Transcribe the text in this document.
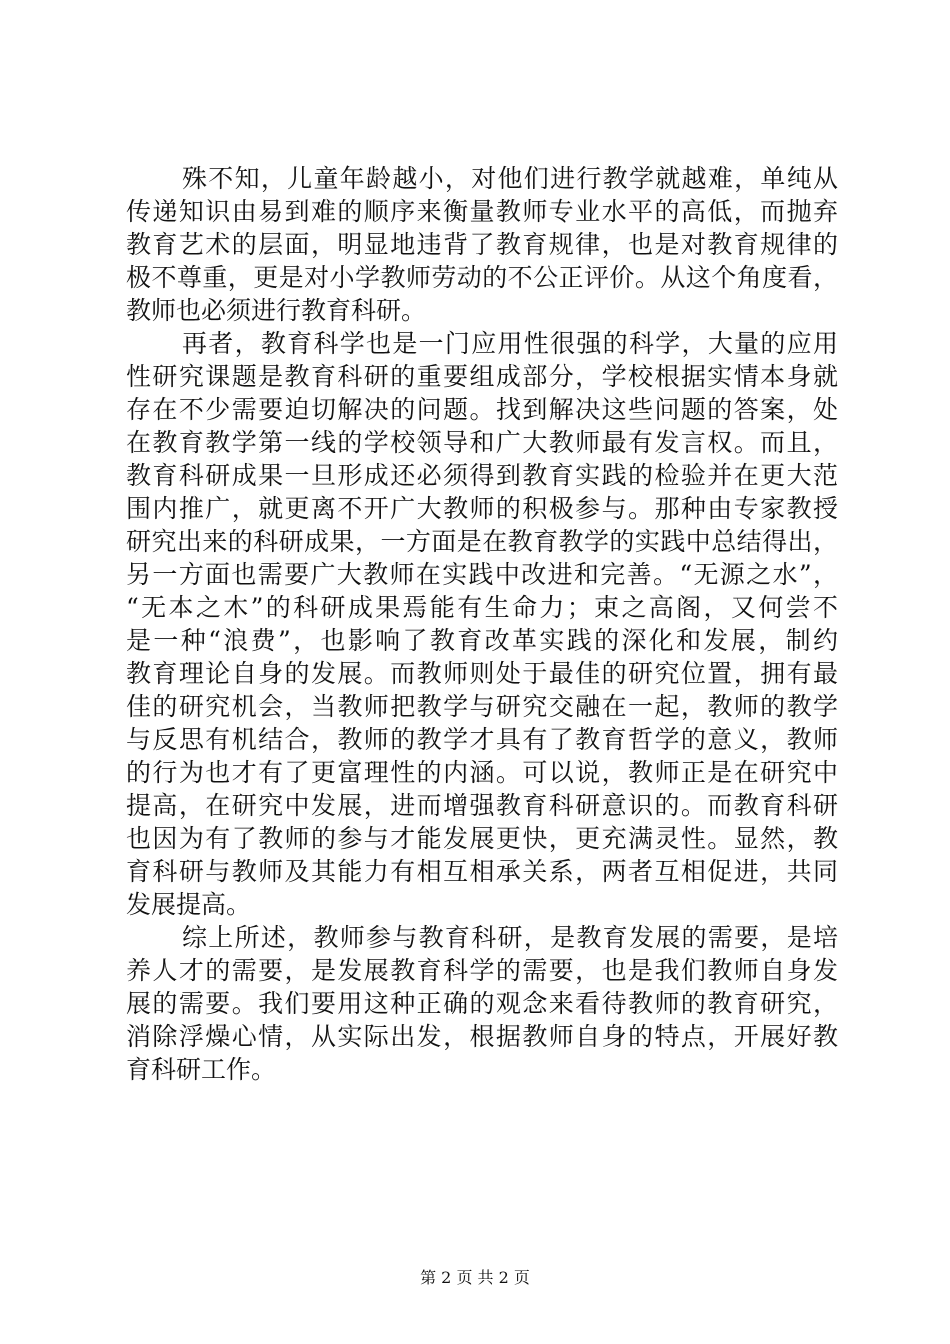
殊不知，儿童年龄越小，对他们进行教学就越难，单纯从
传递知识由易到难的顺序来衡量教师专业水平的高低，而抛弃
教育艺术的层面，明显地违背了教育规律，也是对教育规律的
极不尊重，更是对小学教师劳动的不公正评价。从这个角度看，
教师也必须进行教育科研。
再者，教育科学也是一门应用性很强的科学，大量的应用
性研究课题是教育科研的重要组成部分，学校根据实情本身就
存在不少需要迫切解决的问题。找到解决这些问题的答案，处
在教育教学第一线的学校领导和广大教师最有发言权。而且，
教育科研成果一旦形成还必须得到教育实践的检验并在更大范
围内推广，就更离不开广大教师的积极参与。那种由专家教授
研究出来的科研成果，一方面是在教育教学的实践中总结得出，
另一方面也需要广大教师在实践中改进和完善。“无源之水”，
“无本之木”的科研成果焉能有生命力；束之高阁，又何尝不
是一种“浪费”，也影响了教育改革实践的深化和发展，制约
教育理论自身的发展。而教师则处于最佳的研究位置，拥有最
佳的研究机会，当教师把教学与研究交融在一起，教师的教学
与反思有机结合，教师的教学才具有了教育哲学的意义，教师
的行为也才有了更富理性的内涵。可以说，教师正是在研究中
提高，在研究中发展，进而增强教育科研意识的。而教育科研
也因为有了教师的参与才能发展更快，更充满灵性。显然，教
育科研与教师及其能力有相互相承关系，两者互相促进，共同
发展提高。
综上所述，教师参与教育科研，是教育发展的需要，是培
养人才的需要，是发展教育科学的需要，也是我们教师自身发
展的需要。我们要用这种正确的观念来看待教师的教育研究，
消除浮燥心情，从实际出发，根据教师自身的特点，开展好教
育科研工作。
第 2 页 共 2 页
